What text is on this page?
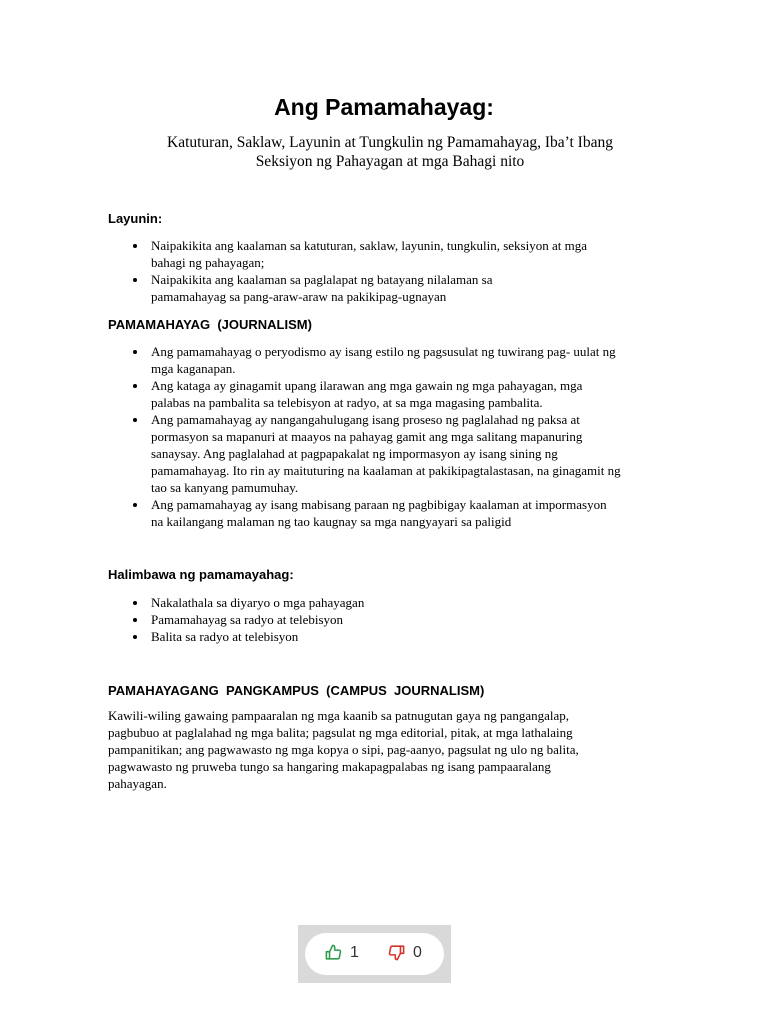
Ang Pamamahayag:
Katuturan, Saklaw, Layunin at Tungkulin ng Pamamahayag, Iba’t Ibang
Seksiyon ng Pahayagan at mga Bahagi nito
Layunin:
Naipakikita ang kaalaman sa katuturan, saklaw, layunin, tungkulin, seksiyon at mga
bahagi ng pahayagan;
Naipakikita ang kaalaman sa paglalapat ng batayang nilalaman sa
pamamahayag sa pang-araw-araw na pakikipag-ugnayan
PAMAMAHAYAG  (JOURNALISM)
Ang pamamahayag o peryodismo ay isang estilo ng pagsusulat ng tuwirang pag- uulat ng
mga kaganapan.
Ang kataga ay ginagamit upang ilarawan ang mga gawain ng mga pahayagan, mga
palabas na pambalita sa telebisyon at radyo, at sa mga magasing pambalita.
Ang pamamahayag ay nangangahulugang isang proseso ng paglalahad ng paksa at
pormasyon sa mapanuri at maayos na pahayag gamit ang mga salitang mapanuring
sanaysay. Ang paglalahad at pagpapakalat ng impormasyon ay isang sining ng
pamamahayag. Ito rin ay maituturing na kaalaman at pakikipagtalastasan, na ginagamit ng
tao sa kanyang pamumuhay.
Ang pamamahayag ay isang mabisang paraan ng pagbibigay kaalaman at impormasyon
na kailangang malaman ng tao kaugnay sa mga nangyayari sa paligid
Halimbawa ng pamamayahag:
Nakalathala sa diyaryo o mga pahayagan
Pamamahayag sa radyo at telebisyon
Balita sa radyo at telebisyon
PAMAHAYAGANG  PANGKAMPUS  (CAMPUS  JOURNALISM)
Kawili-wiling gawaing pampaaralan ng mga kaanib sa patnugutan gaya ng pangangalap,
pagbubuo at paglalahad ng mga balita; pagsulat ng mga editorial, pitak, at mga lathalaing
pampanitikan; ang pagwawasto ng mga kopya o sipi, pag-aanyo, pagsulat ng ulo ng balita,
pagwawasto ng pruweba tungo sa hangaring makapagpalabas ng isang pampaaralang
pahayagan.
1	0
